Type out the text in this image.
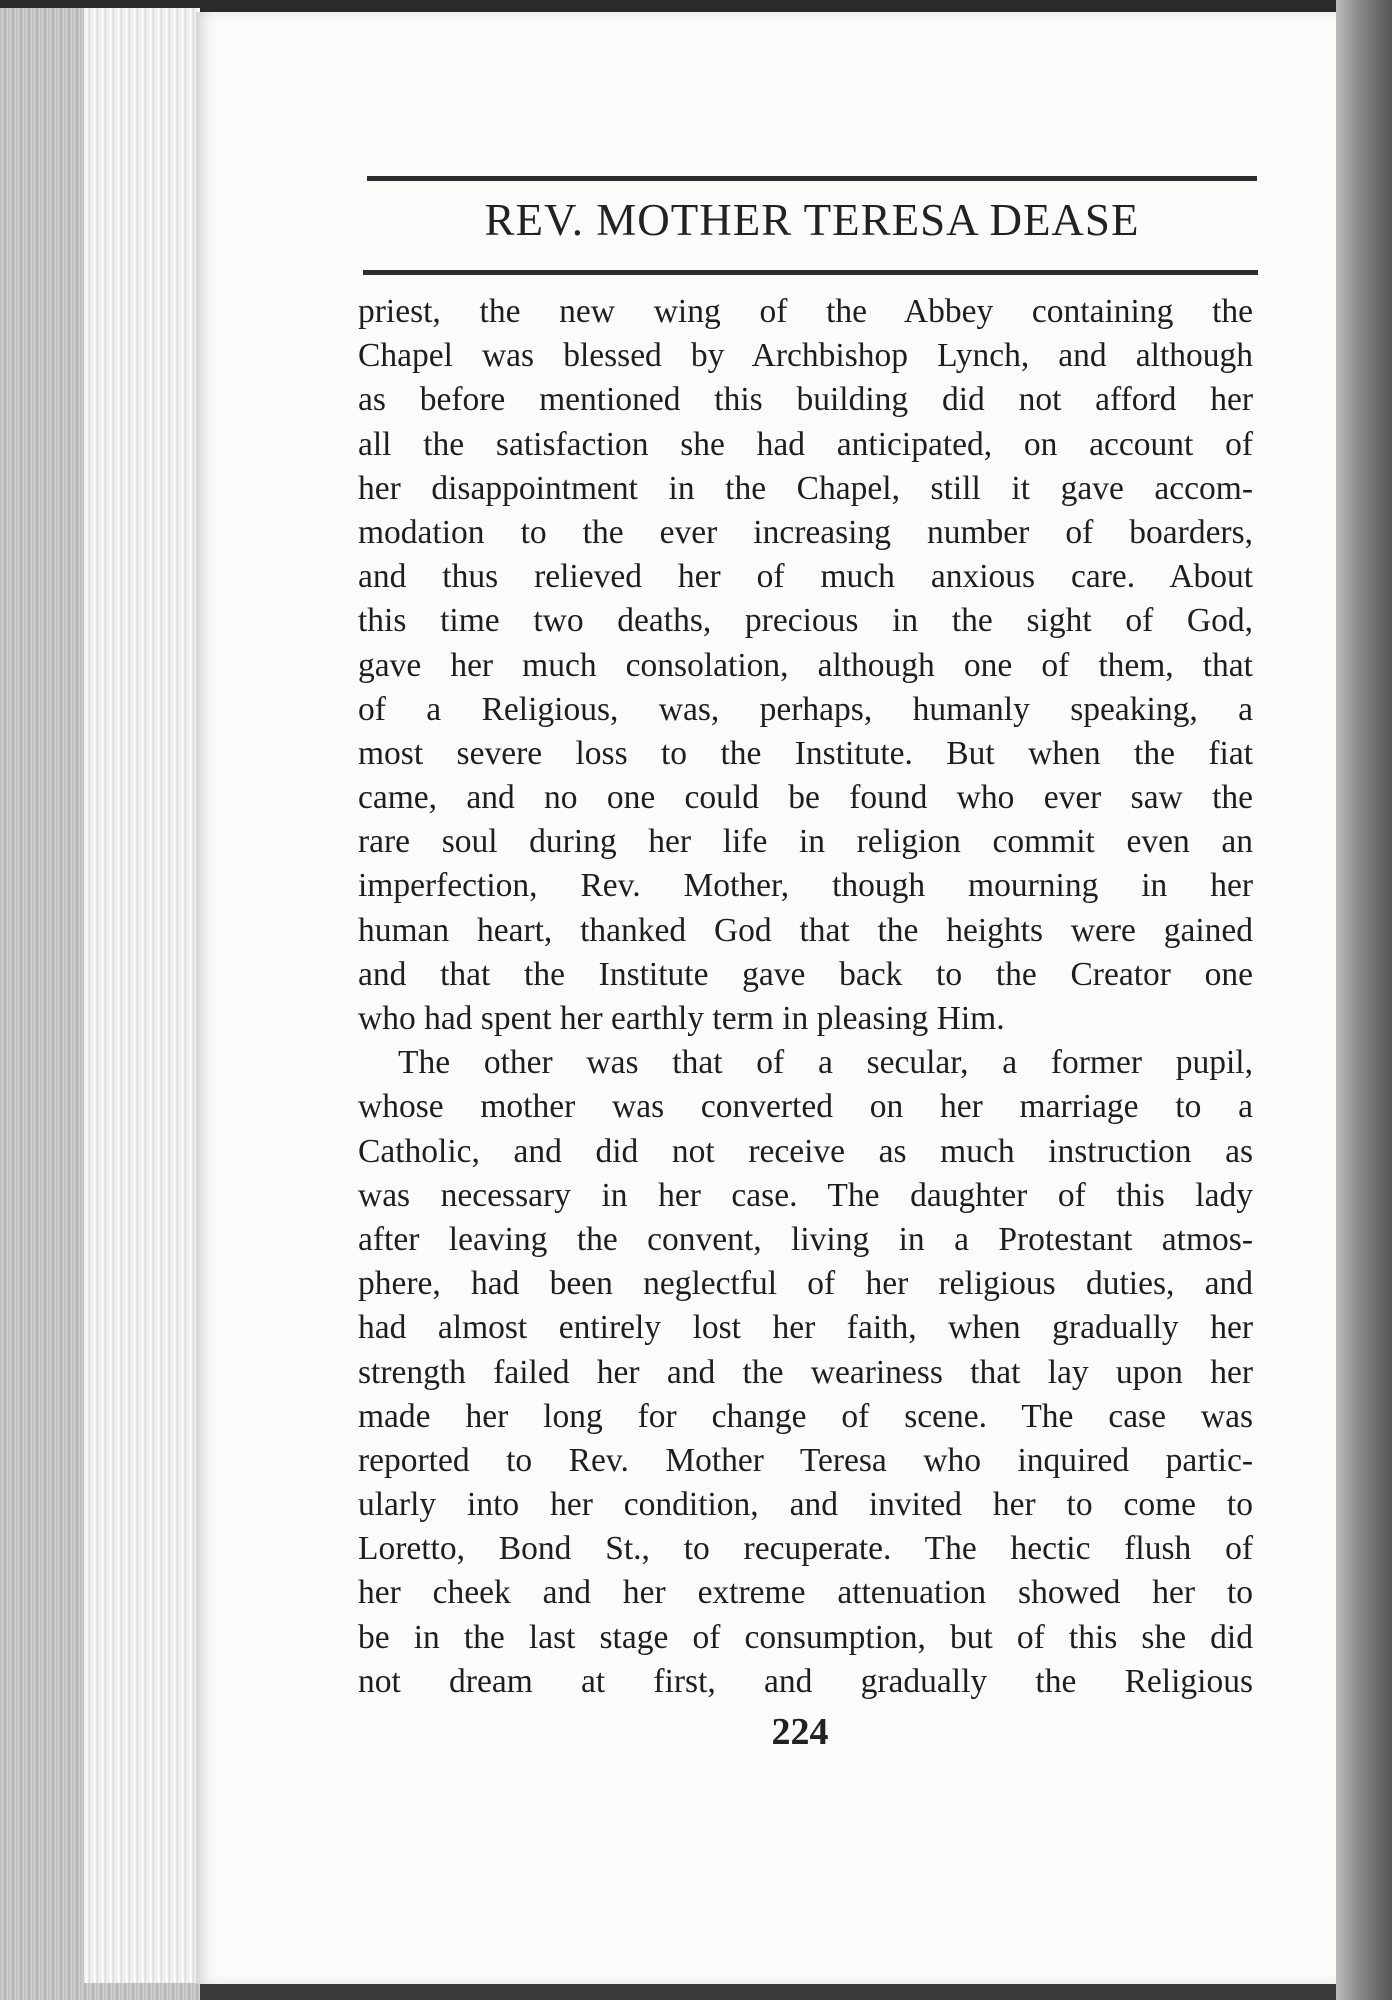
REV. MOTHER TERESA DEASE
priest, the new wing of the Abbey containing the
Chapel was blessed by Archbishop Lynch, and although
as before mentioned this building did not afford her
all the satisfaction she had anticipated, on account of
her disappointment in the Chapel, still it gave accom-
modation to the ever increasing number of boarders,
and thus relieved her of much anxious care. About
this time two deaths, precious in the sight of God,
gave her much consolation, although one of them, that
of a Religious, was, perhaps, humanly speaking, a
most severe loss to the Institute. But when the fiat
came, and no one could be found who ever saw the
rare soul during her life in religion commit even an
imperfection, Rev. Mother, though mourning in her
human heart, thanked God that the heights were gained
and that the Institute gave back to the Creator one
who had spent her earthly term in pleasing Him.
The other was that of a secular, a former pupil,
whose mother was converted on her marriage to a
Catholic, and did not receive as much instruction as
was necessary in her case. The daughter of this lady
after leaving the convent, living in a Protestant atmos-
phere, had been neglectful of her religious duties, and
had almost entirely lost her faith, when gradually her
strength failed her and the weariness that lay upon her
made her long for change of scene. The case was
reported to Rev. Mother Teresa who inquired partic-
ularly into her condition, and invited her to come to
Loretto, Bond St., to recuperate. The hectic flush of
her cheek and her extreme attenuation showed her to
be in the last stage of consumption, but of this she did
not dream at first, and gradually the Religious
224
